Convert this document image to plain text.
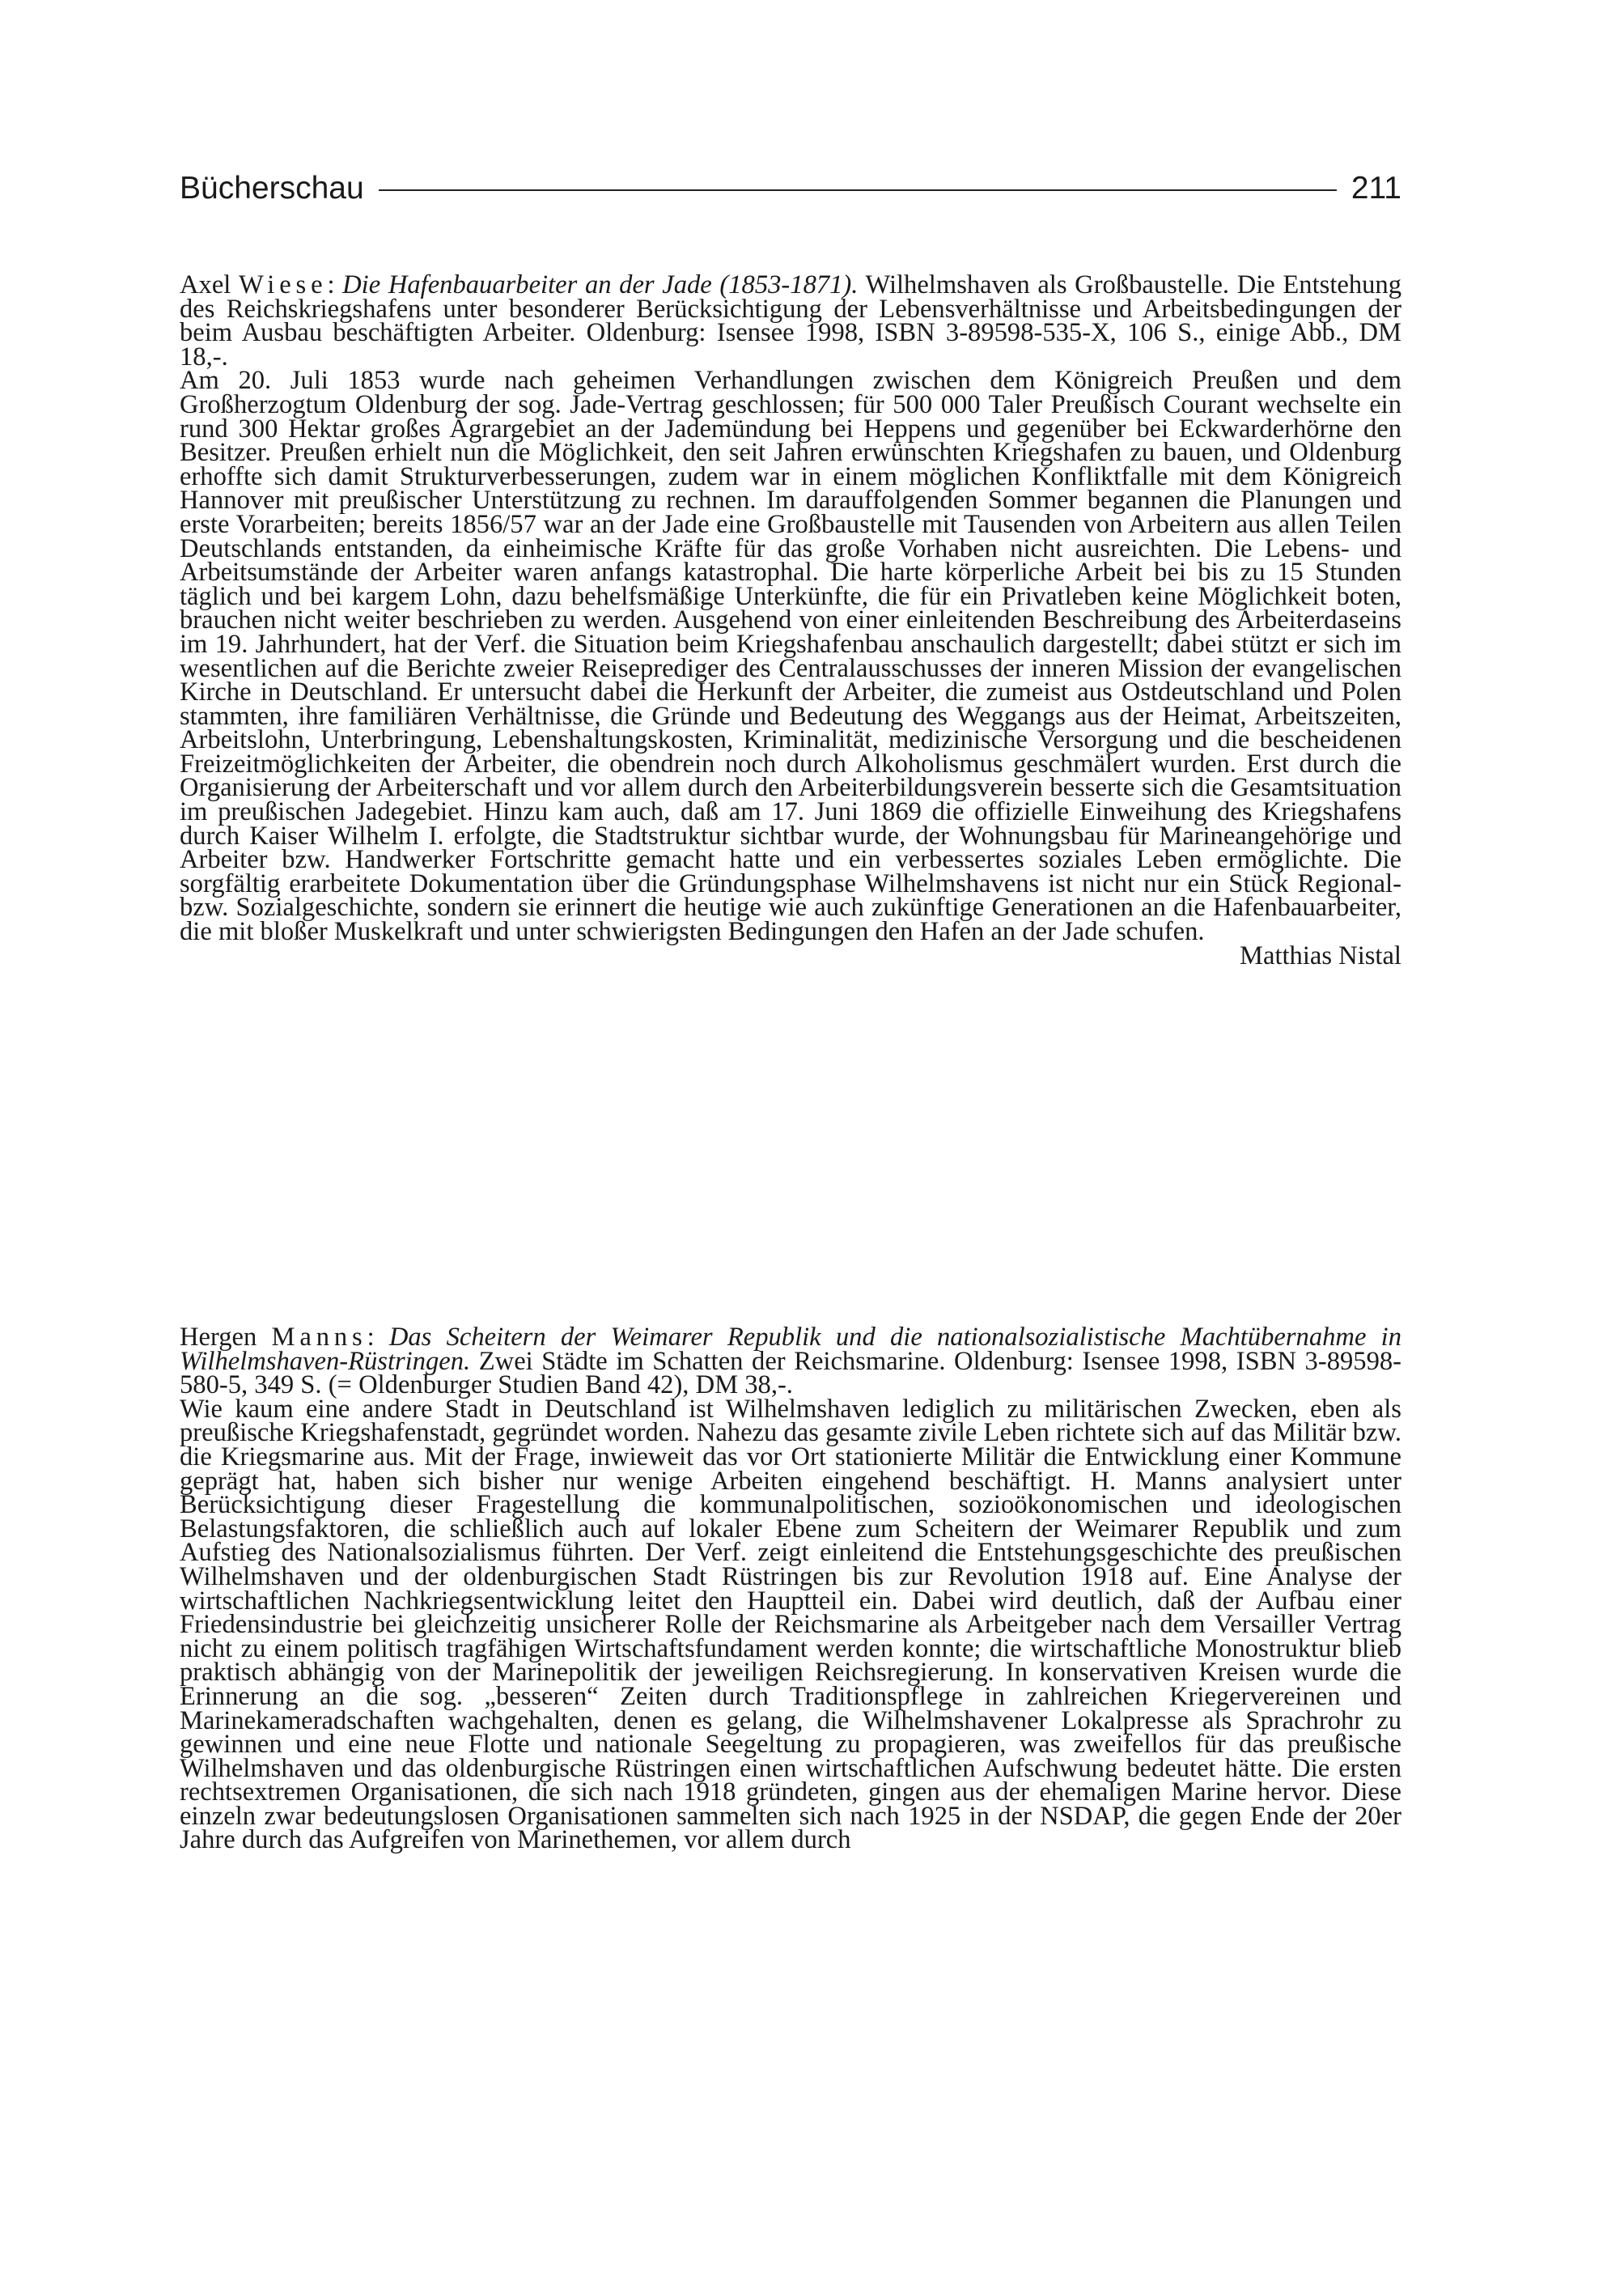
Bücherschau	211

Axel Wiese: Die Hafenbauarbeiter an der Jade (1853-1871). Wilhelmshaven als Großbaustelle. Die Entstehung des Reichskriegshafens unter besonderer Berücksichtigung der Lebensverhältnisse und Arbeitsbedingungen der beim Ausbau beschäftigten Arbeiter. Oldenburg: Isensee 1998, ISBN 3-89598-535-X, 106 S., einige Abb., DM 18,-.

Am 20. Juli 1853 wurde nach geheimen Verhandlungen zwischen dem Königreich Preußen und dem Großherzogtum Oldenburg der sog. Jade-Vertrag geschlossen; für 500 000 Taler Preußisch Courant wechselte ein rund 300 Hektar großes Agrargebiet an der Jademündung bei Heppens und gegenüber bei Eckwarderhörne den Besitzer. Preußen erhielt nun die Möglichkeit, den seit Jahren erwünschten Kriegshafen zu bauen, und Oldenburg erhoffte sich damit Strukturverbesserungen, zudem war in einem möglichen Konfliktfalle mit dem Königreich Hannover mit preußischer Unterstützung zu rechnen. Im darauffolgenden Sommer begannen die Planungen und erste Vorarbeiten; bereits 1856/57 war an der Jade eine Großbaustelle mit Tausenden von Arbeitern aus allen Teilen Deutschlands entstanden, da einheimische Kräfte für das große Vorhaben nicht ausreichten. Die Lebens- und Arbeitsumstände der Arbeiter waren anfangs katastrophal. Die harte körperliche Arbeit bei bis zu 15 Stunden täglich und bei kargem Lohn, dazu behelfsmäßige Unterkünfte, die für ein Privatleben keine Möglichkeit boten, brauchen nicht weiter beschrieben zu werden. Ausgehend von einer einleitenden Beschreibung des Arbeiterdaseins im 19. Jahrhundert, hat der Verf. die Situation beim Kriegshafenbau anschaulich dargestellt; dabei stützt er sich im wesentlichen auf die Berichte zweier Reiseprediger des Centralausschusses der inneren Mission der evangelischen Kirche in Deutschland. Er untersucht dabei die Herkunft der Arbeiter, die zumeist aus Ostdeutschland und Polen stammten, ihre familiären Verhältnisse, die Gründe und Bedeutung des Weggangs aus der Heimat, Arbeitszeiten, Arbeitslohn, Unterbringung, Lebenshaltungskosten, Kriminalität, medizinische Versorgung und die bescheidenen Freizeitmöglichkeiten der Arbeiter, die obendrein noch durch Alkoholismus geschmälert wurden. Erst durch die Organisierung der Arbeiterschaft und vor allem durch den Arbeiterbildungsverein besserte sich die Gesamtsituation im preußischen Jadegebiet. Hinzu kam auch, daß am 17. Juni 1869 die offizielle Einweihung des Kriegshafens durch Kaiser Wilhelm I. erfolgte, die Stadtstruktur sichtbar wurde, der Wohnungsbau für Marineangehörige und Arbeiter bzw. Handwerker Fortschritte gemacht hatte und ein verbessertes soziales Leben ermöglichte. Die sorgfältig erarbeitete Dokumentation über die Gründungsphase Wilhelmshavens ist nicht nur ein Stück Regional- bzw. Sozialgeschichte, sondern sie erinnert die heutige wie auch zukünftige Generationen an die Hafenbauarbeiter, die mit bloßer Muskelkraft und unter schwierigsten Bedingungen den Hafen an der Jade schufen.

Matthias Nistal

Hergen Manns: Das Scheitern der Weimarer Republik und die nationalsozialistische Machtübernahme in Wilhelmshaven-Rüstringen. Zwei Städte im Schatten der Reichsmarine. Oldenburg: Isensee 1998, ISBN 3-89598-580-5, 349 S. (= Oldenburger Studien Band 42), DM 38,-.

Wie kaum eine andere Stadt in Deutschland ist Wilhelmshaven lediglich zu militärischen Zwecken, eben als preußische Kriegshafenstadt, gegründet worden. Nahezu das gesamte zivile Leben richtete sich auf das Militär bzw. die Kriegsmarine aus. Mit der Frage, inwieweit das vor Ort stationierte Militär die Entwicklung einer Kommune geprägt hat, haben sich bisher nur wenige Arbeiten eingehend beschäftigt. H. Manns analysiert unter Berücksichtigung dieser Fragestellung die kommunalpolitischen, sozioökonomischen und ideologischen Belastungsfaktoren, die schließlich auch auf lokaler Ebene zum Scheitern der Weimarer Republik und zum Aufstieg des Nationalsozialismus führten. Der Verf. zeigt einleitend die Entstehungsgeschichte des preußischen Wilhelmshaven und der oldenburgischen Stadt Rüstringen bis zur Revolution 1918 auf. Eine Analyse der wirtschaftlichen Nachkriegsentwicklung leitet den Hauptteil ein. Dabei wird deutlich, daß der Aufbau einer Friedensindustrie bei gleichzeitig unsicherer Rolle der Reichsmarine als Arbeitgeber nach dem Versailler Vertrag nicht zu einem politisch tragfähigen Wirtschaftsfundament werden konnte; die wirtschaftliche Monostruktur blieb praktisch abhängig von der Marinepolitik der jeweiligen Reichsregierung. In konservativen Kreisen wurde die Erinnerung an die sog. „besseren“ Zeiten durch Traditionspflege in zahlreichen Kriegervereinen und Marinekameradschaften wachgehalten, denen es gelang, die Wilhelmshavener Lokalpresse als Sprachrohr zu gewinnen und eine neue Flotte und nationale Seegeltung zu propagieren, was zweifellos für das preußische Wilhelmshaven und das oldenburgische Rüstringen einen wirtschaftlichen Aufschwung bedeutet hätte. Die ersten rechtsextremen Organisationen, die sich nach 1918 gründeten, gingen aus der ehemaligen Marine hervor. Diese einzeln zwar bedeutungslosen Organisationen sammelten sich nach 1925 in der NSDAP, die gegen Ende der 20er Jahre durch das Aufgreifen von Marinethemen, vor allem durch
